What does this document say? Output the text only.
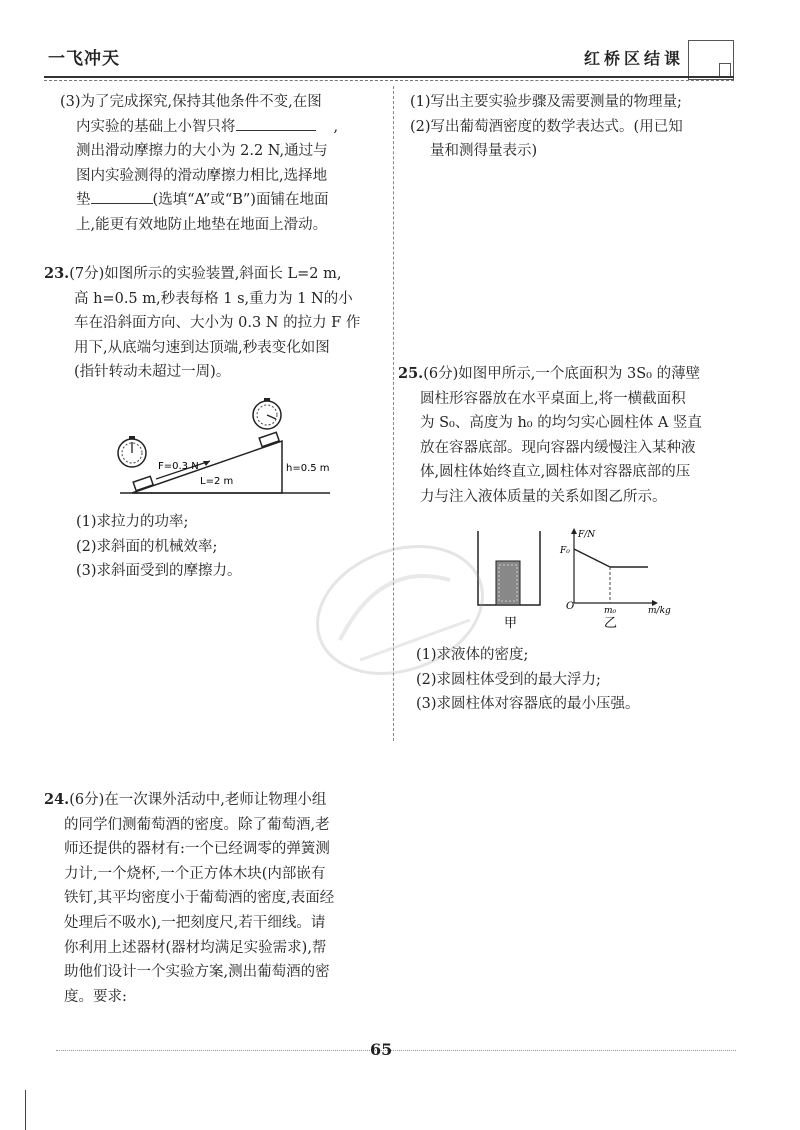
一飞冲天	红桥区结课

(3)为了完成探究,保持其他条件不变,在图

内实验的基础上小智只将	,

测出滑动摩擦力的大小为 2.2 N,通过与

图内实验测得的滑动摩擦力相比,选择地

垫	(选填“A”或“B”)面铺在地面

上,能更有效地防止地垫在地面上滑动。

23.(7分)如图所示的实验装置,斜面长 L=2 m,

高 h=0.5 m,秒表每格 1 s,重力为 1 N的小

车在沿斜面方向、大小为 0.3 N 的拉力 F 作

用下,从底端匀速到达顶端,秒表变化如图

(指针转动未超过一周)。

F=0.3 N
L=2 m
h=0.5 m

(1)求拉力的功率;

(2)求斜面的机械效率;

(3)求斜面受到的摩擦力。

24.(6分)在一次课外活动中,老师让物理小组

的同学们测葡萄酒的密度。除了葡萄酒,老

师还提供的器材有:一个已经调零的弹簧测

力计,一个烧杯,一个正方体木块(内部嵌有

铁钉,其平均密度小于葡萄酒的密度,表面经

处理后不吸水),一把刻度尺,若干细线。请

你利用上述器材(器材均满足实验需求),帮

助他们设计一个实验方案,测出葡萄酒的密

度。要求:

(1)写出主要实验步骤及需要测量的物理量;

(2)写出葡萄酒密度的数学表达式。(用已知

量和测得量表示)

25.(6分)如图甲所示,一个底面积为 3S₀ 的薄壁

圆柱形容器放在水平桌面上,将一横截面积

为 S₀、高度为 h₀ 的均匀实心圆柱体 A 竖直

放在容器底部。现向容器内缓慢注入某种液

体,圆柱体始终直立,圆柱体对容器底部的压

力与注入液体质量的关系如图乙所示。

甲
F/N
F₀
O	m₀	m/kg
乙

(1)求液体的密度;

(2)求圆柱体受到的最大浮力;

(3)求圆柱体对容器底的最小压强。

65
